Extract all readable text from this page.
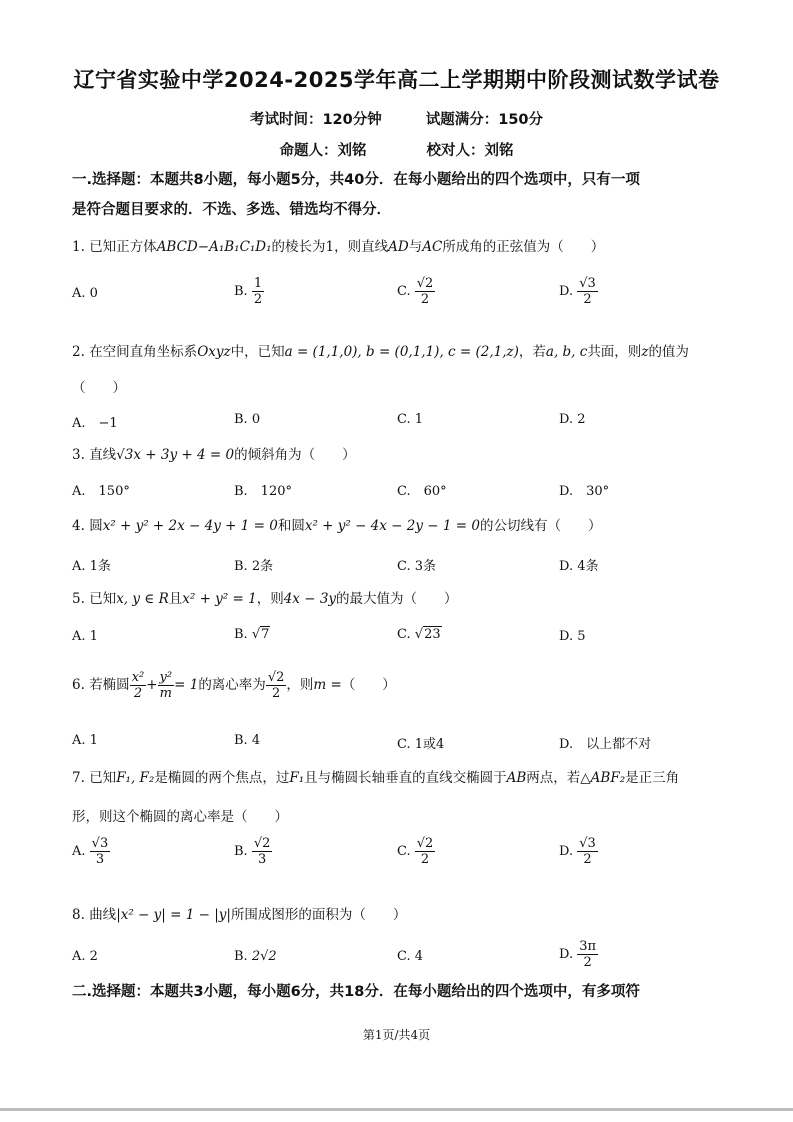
辽宁省实验中学2024-2025学年高二上学期期中阶段测试数学试卷
考试时间：120分钟	试题满分：150分
命题人：刘铭	校对人：刘铭
一.选择题：本题共8小题，每小题5分，共40分．在每小题给出的四个选项中，只有一项
是符合题目要求的．不选、多选、错选均不得分．
1. 已知正方体ABCD−A₁B₁C₁D₁的棱长为1，则直线AD与AC所成角的正弦值为（　　）
A. 0	B. $\frac{1}{2}$	C. $\frac{√2}{2}$	D. $\frac{√3}{2}$
2. 在空间直角坐标系Oxyz中，已知a = (1,1,0), b = (0,1,1), c = (2,1,z)，若a, b, c共面，则z的值为
（　　）
A.　−1	B. 0	C. 1	D. 2
3. 直线√3x + 3y + 4 = 0的倾斜角为（　　）
A.　150°	B.　120°	C.　60°	D.　30°
4. 圆x² + y² + 2x − 4y + 1 = 0和圆x² + y² − 4x − 2y − 1 = 0的公切线有（　　）
A. 1条	B. 2条	C. 3条	D. 4条
5. 已知x, y ∈ R且x² + y² = 1，则4x − 3y的最大值为（　　）
A. 1	B. √7	C. √23	D. 5
6. 若椭圆 $\frac{\text{x²}}{2} + \frac{\text{y²}}{m} = 1$的离心率为 $\frac{√2}{2}$ ，则m =（　　）
A. 1	B. 4	C. 1或4	D.　以上都不对
7. 已知F₁, F₂是椭圆的两个焦点，过F₁且与椭圆长轴垂直的直线交椭圆于AB两点，若△ABF₂是正三角
形，则这个椭圆的离心率是（　　）
A. $\frac{√3}{3}$	B. $\frac{√2}{3}$	C. $\frac{√2}{2}$	D. $\frac{√3}{2}$
8. 曲线|x² − y| = 1 − |y|所围成图形的面积为（　　）
A. 2	B. 2√2	C. 4	D. $\frac{3\pi}{2}$
二.选择题：本题共3小题，每小题6分，共18分．在每小题给出的四个选项中，有多项符
第1页/共4页
